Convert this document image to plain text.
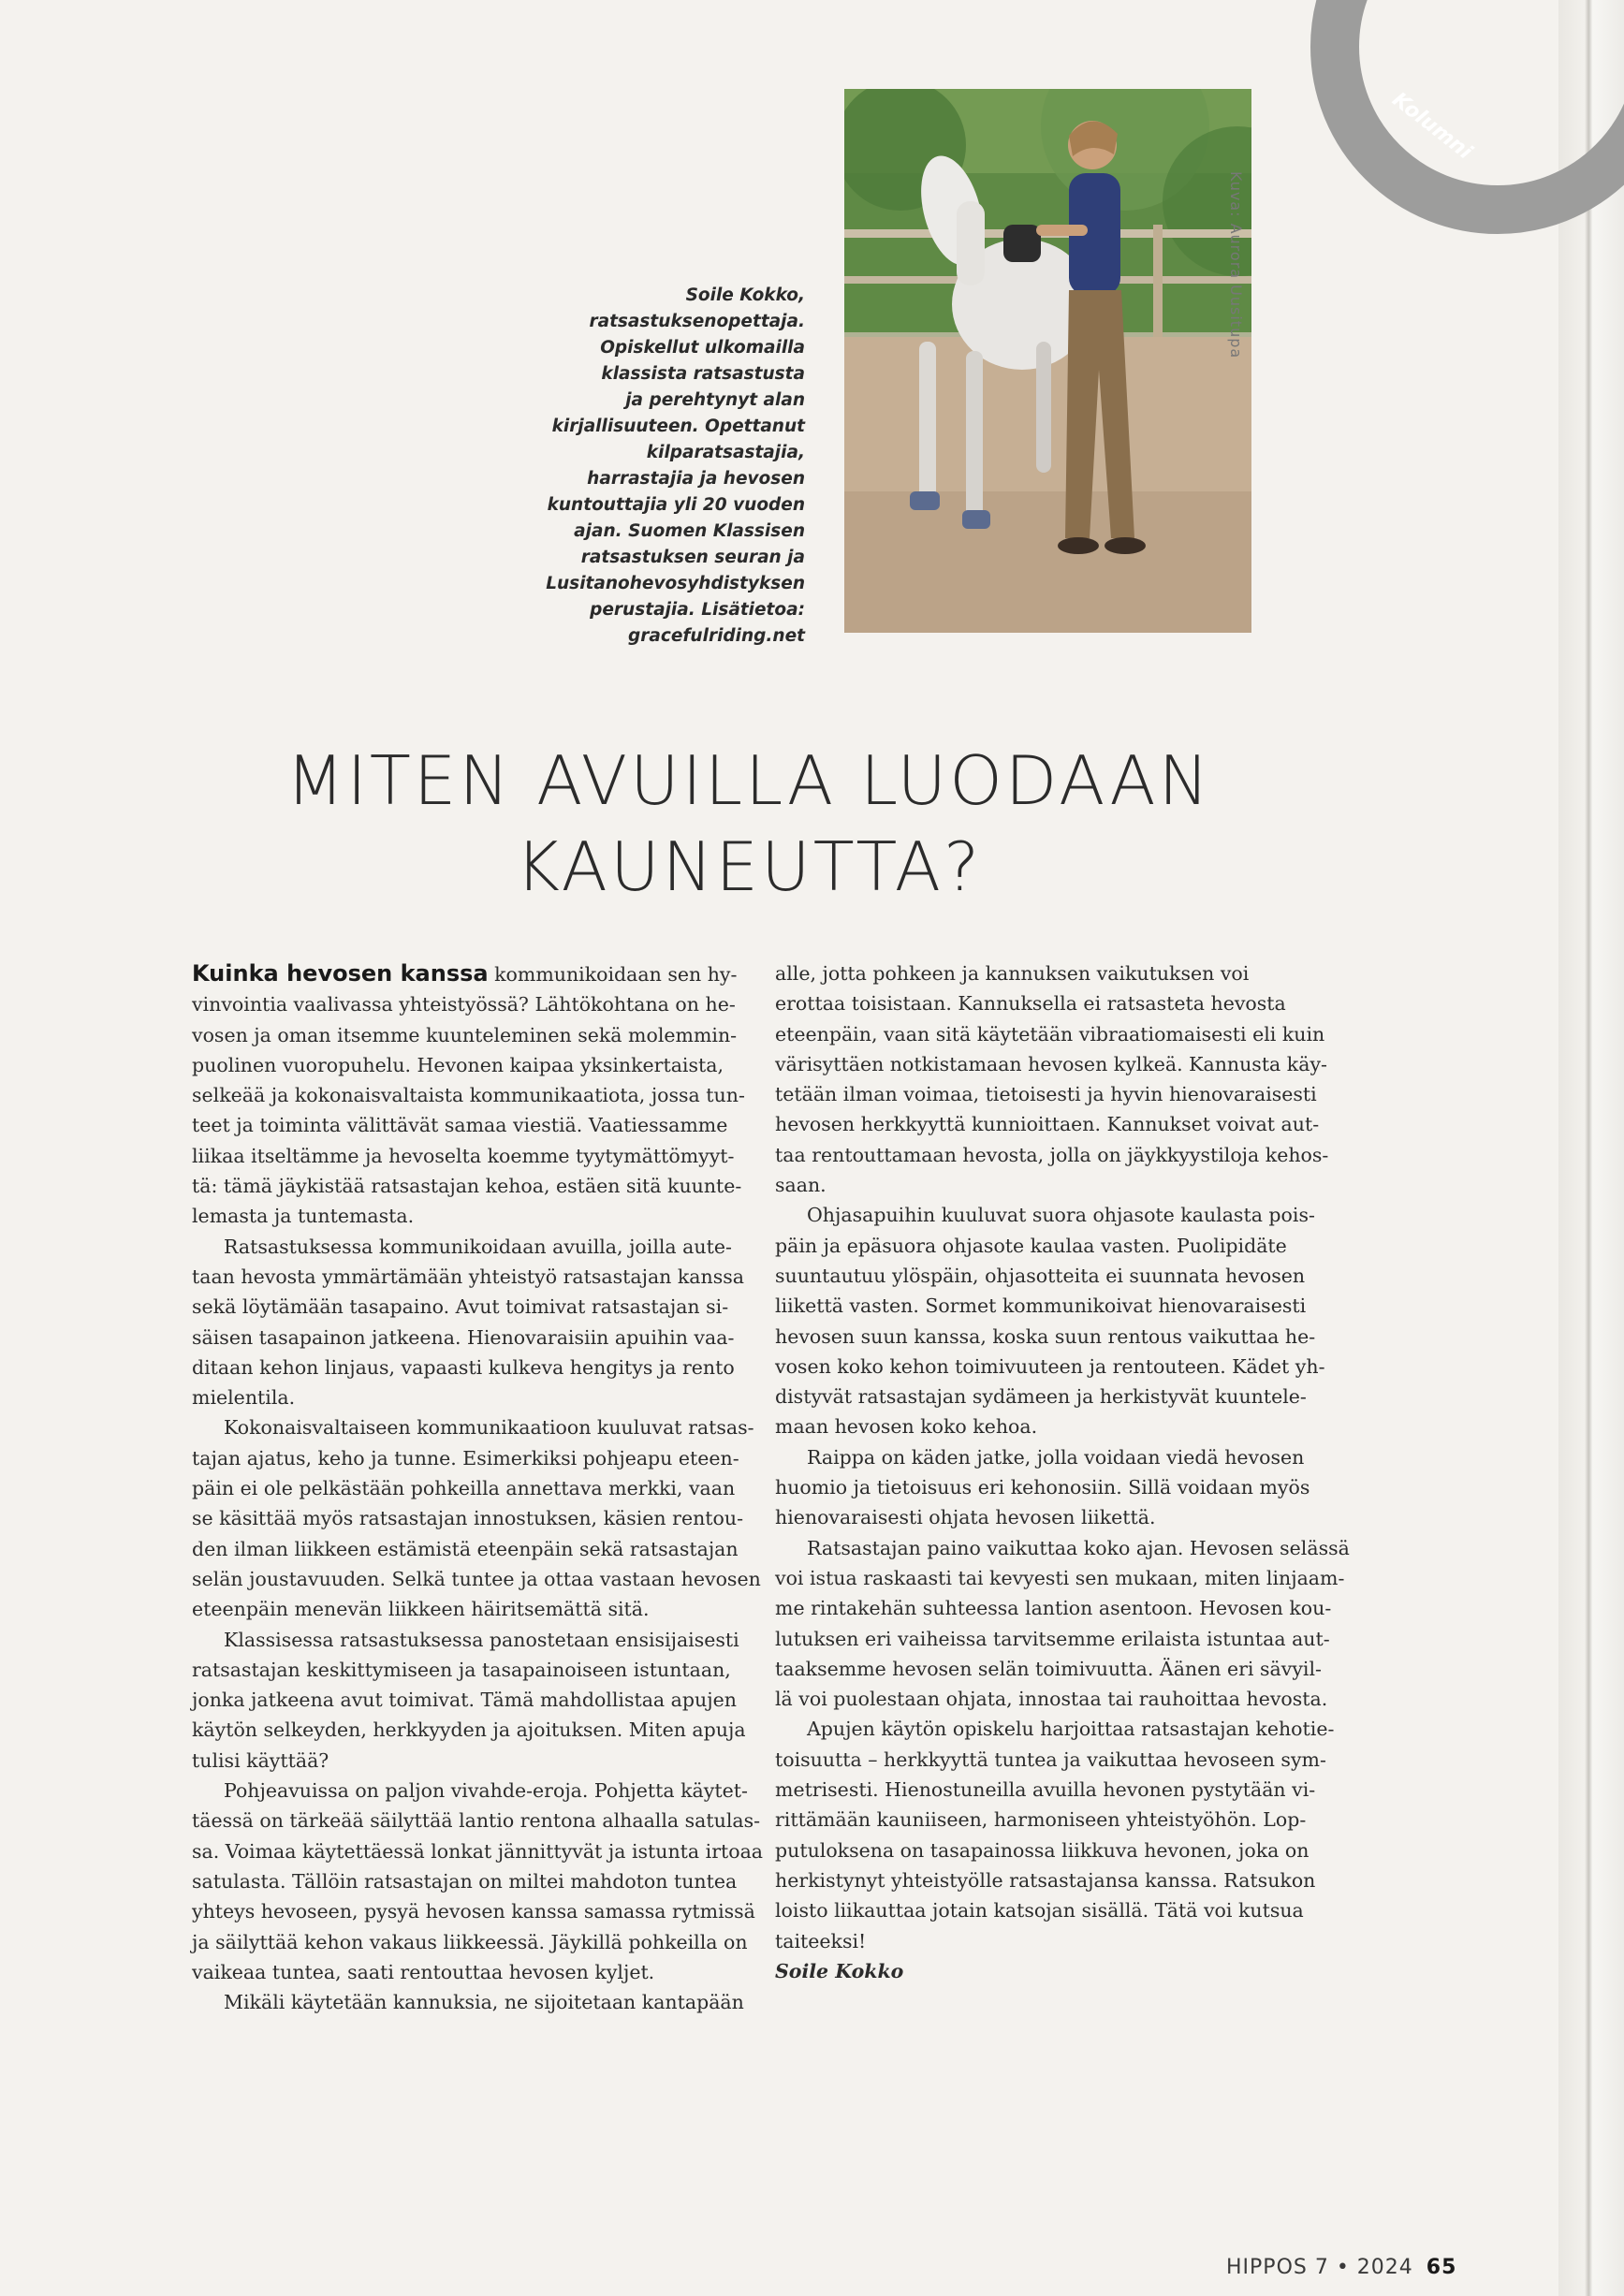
Kolumni
Kuva: Aurora Uusitupa
Soile Kokko,
ratsastuksenopettaja.
Opiskellut ulkomailla
klassista ratsastusta
ja perehtynyt alan
kirjallisuuteen. Opettanut
kilparatsastajia,
harrastajia ja hevosen
kuntouttajia yli 20 vuoden
ajan. Suomen Klassisen
ratsastuksen seuran ja
Lusitanohevosyhdistyksen
perustajia. Lisätietoa:
gracefulriding.net
MITEN AVUILLA LUODAAN
KAUNEUTTA?

Kuinka hevosen kanssa kommunikoidaan sen hy-
vinvointia vaalivassa yhteistyössä? Lähtökohtana on he-
vosen ja oman itsemme kuunteleminen sekä molemmin-
puolinen vuoropuhelu. Hevonen kaipaa yksinkertaista,
selkeää ja kokonaisvaltaista kommunikaatiota, jossa tun-
teet ja toiminta välittävät samaa viestiä. Vaatiessamme
liikaa itseltämme ja hevoselta koemme tyytymättömyyt-
tä: tämä jäykistää ratsastajan kehoa, estäen sitä kuunte-
lemasta ja tuntemasta.

Ratsastuksessa kommunikoidaan avuilla, joilla autе-
taan hevosta ymmärtämään yhteistyö ratsastajan kanssa
sekä löytämään tasapaino. Avut toimivat ratsastajan si-
säisen tasapainon jatkeena. Hienovaraisiin apuihin vaa-
ditaan kehon linjaus, vapaasti kulkeva hengitys ja rento
mielentila.

Kokonaisvaltaiseen kommunikaatioon kuuluvat ratsas-
tajan ajatus, keho ja tunne. Esimerkiksi pohjeapu eteen-
päin ei ole pelkästään pohkeilla annettava merkki, vaan
se käsittää myös ratsastajan innostuksen, käsien rentou-
den ilman liikkeen estämistä eteenpäin sekä ratsastajan
selän joustavuuden. Selkä tuntee ja ottaa vastaan hevosen
eteenpäin menevän liikkeen häiritsemättä sitä.

Klassisessa ratsastuksessa panostetaan ensisijaisesti
ratsastajan keskittymiseen ja tasapainoiseen istuntaan,
jonka jatkeena avut toimivat. Tämä mahdollistaa apujen
käytön selkeyden, herkkyyden ja ajoituksen. Miten apuja
tulisi käyttää?

Pohjeavuissa on paljon vivahde-eroja. Pohjetta käytet-
täessä on tärkeää säilyttää lantio rentona alhaalla satulas-
sa. Voimaa käytettäessä lonkat jännittyvät ja istunta irtoaa
satulasta. Tällöin ratsastajan on miltei mahdoton tuntea
yhteys hevoseen, pysyä hevosen kanssa samassa rytmissä
ja säilyttää kehon vakaus liikkeessä. Jäykillä pohkeilla on
vaikeaa tuntea, saati rentouttaa hevosen kyljet.

Mikäli käytetään kannuksia, ne sijoitetaan kantapään

alle, jotta pohkeen ja kannuksen vaikutuksen voi
erottaa toisistaan. Kannuksella ei ratsasteta hevosta
eteenpäin, vaan sitä käytetään vibraatiomaisesti eli kuin
värisyttäen notkistamaan hevosen kylkeä. Kannusta käy-
tetään ilman voimaa, tietoisesti ja hyvin hienovaraisesti
hevosen herkkyyttä kunnioittaen. Kannukset voivat aut-
taa rentouttamaan hevosta, jolla on jäykkyystiloja kehos-
saan.

Ohjasapuihin kuuluvat suora ohjasote kaulasta pois-
päin ja epäsuora ohjasote kaulaa vasten. Puolipidäte
suuntautuu ylöspäin, ohjasotteita ei suunnata hevosen
liikettä vasten. Sormet kommunikoivat hienovaraisesti
hevosen suun kanssa, koska suun rentous vaikuttaa he-
vosen koko kehon toimivuuteen ja rentouteen. Kädet yh-
distyvät ratsastajan sydämeen ja herkistyvät kuuntele-
maan hevosen koko kehoa.

Raippa on käden jatke, jolla voidaan viedä hevosen
huomio ja tietoisuus eri kehonosiin. Sillä voidaan myös
hienovaraisesti ohjata hevosen liikettä.

Ratsastajan paino vaikuttaa koko ajan. Hevosen selässä
voi istua raskaasti tai kevyesti sen mukaan, miten linjaam-
me rintakehän suhteessa lantion asentoon. Hevosen kou-
lutuksen eri vaiheissa tarvitsemme erilaista istuntaa aut-
taaksemme hevosen selän toimivuutta. Äänen eri sävyil-
lä voi puolestaan ohjata, innostaa tai rauhoittaa hevosta.

Apujen käytön opiskelu harjoittaa ratsastajan kehotie-
toisuutta – herkkyyttä tuntea ja vaikuttaa hevoseen sym-
metrisesti. Hienostuneilla avuilla hevonen pystytään vi-
rittämään kauniiseen, harmoniseen yhteistyöhön. Lop-
putuloksena on tasapainossa liikkuva hevonen, joka on
herkistynyt yhteistyölle ratsastajansa kanssa. Ratsukon
loisto liikauttaa jotain katsojan sisällä. Tätä voi kutsua
taiteeksi!

Soile Kokko

HIPPOS 7 • 2024 65
